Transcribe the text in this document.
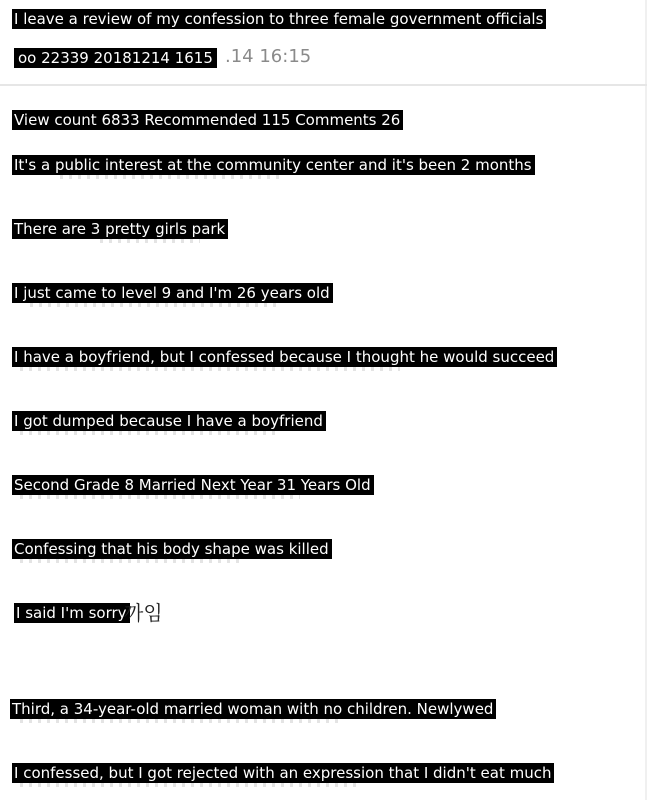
I leave a review of my confession to three female government officials
oo 22339 20181214 1615 .14 16:15
View count 6833 Recommended 115 Comments 26
It's a public interest at the community center and it's been 2 months
There are 3 pretty girls park
I just came to level 9 and I'm 26 years old
I have a boyfriend, but I confessed because I thought he would succeed
I got dumped because I have a boyfriend
Second Grade 8 Married Next Year 31 Years Old
Confessing that his body shape was killed
I said I'm sorry
까임
Third, a 34-year-old married woman with no children. Newlywed
I confessed, but I got rejected with an expression that I didn't eat much
